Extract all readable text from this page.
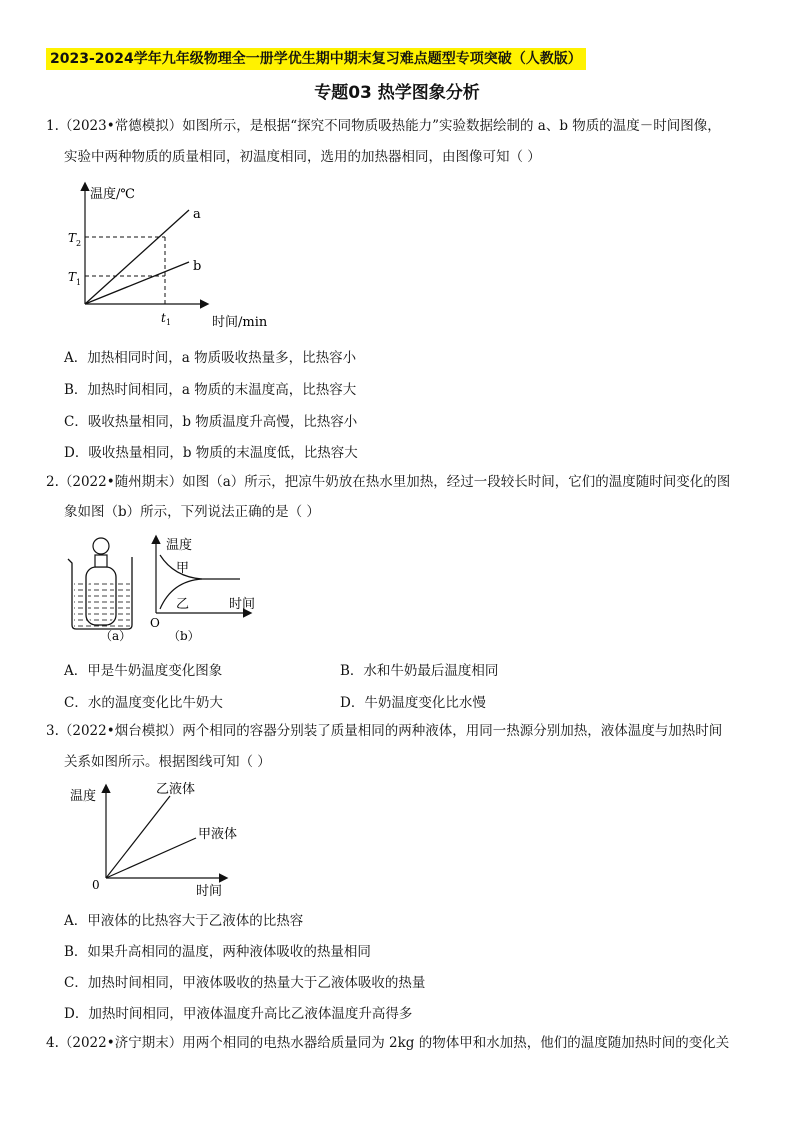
2023-2024学年九年级物理全一册学优生期中期末复习难点题型专项突破（人教版）
专题03 热学图象分析
1.（2023•常德模拟）如图所示，是根据“探究不同物质吸热能力”实验数据绘制的 a、b 物质的温度－时间图像，
实验中两种物质的质量相同，初温度相同，选用的加热器相同，由图像可知（ ）
温度/℃
a
b
T 2
T 1
t 1	时间/min
A．加热相同时间，a 物质吸收热量多，比热容小
B．加热时间相同，a 物质的末温度高，比热容大
C．吸收热量相同，b 物质温度升高慢，比热容小
D．吸收热量相同，b 物质的末温度低，比热容大
2.（2022•随州期末）如图（a）所示，把凉牛奶放在热水里加热，经过一段较长时间，它们的温度随时间变化的图
象如图（b）所示，下列说法正确的是（ ）
温度
甲
乙	时间
O
（a）	（b）
A．甲是牛奶温度变化图象	B．水和牛奶最后温度相同
C．水的温度变化比牛奶大	D．牛奶温度变化比水慢
3.（2022•烟台模拟）两个相同的容器分别装了质量相同的两种液体，用同一热源分别加热，液体温度与加热时间
关系如图所示。根据图线可知（ ）
温度	乙液体
甲液体
0	时间
A．甲液体的比热容大于乙液体的比热容
B．如果升高相同的温度，两种液体吸收的热量相同
C．加热时间相同，甲液体吸收的热量大于乙液体吸收的热量
D．加热时间相同，甲液体温度升高比乙液体温度升高得多
4.（2022•济宁期末）用两个相同的电热水器给质量同为 2kg 的物体甲和水加热，他们的温度随加热时间的变化关
